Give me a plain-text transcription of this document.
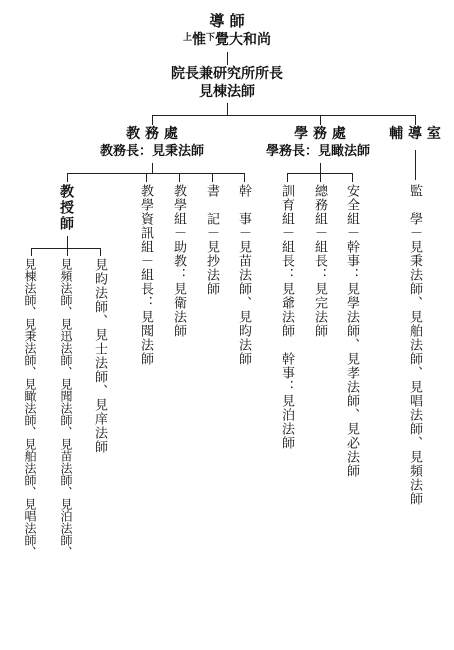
導 師
$^上$惟$^下$覺大和尚
院長兼研究所所長
見棟法師
教 務 處
教務長：見秉法師
教授師
見昀法師、見士法師、見庠法師
見頻法師、見迅法師、見聞法師、見苗法師、見泊法師、
見棟法師、見秉法師、見瞰法師、見舶法師、見唱法師、	教學資訊組－組長：見聞法師 教學組－助教：見衛法師 書　記－見抄法師 幹　事－見苗法師、見昀法師
學 務 處
學務長：見瞰法師
訓育組－組長：見爺法師　幹事：見泊法師 總務組－組長：見完法師 安全組－幹事：見學法師、見孝法師、見必法師
輔 導 室
監　學－見秉法師、見舶法師、見唱法師、見頻法師
